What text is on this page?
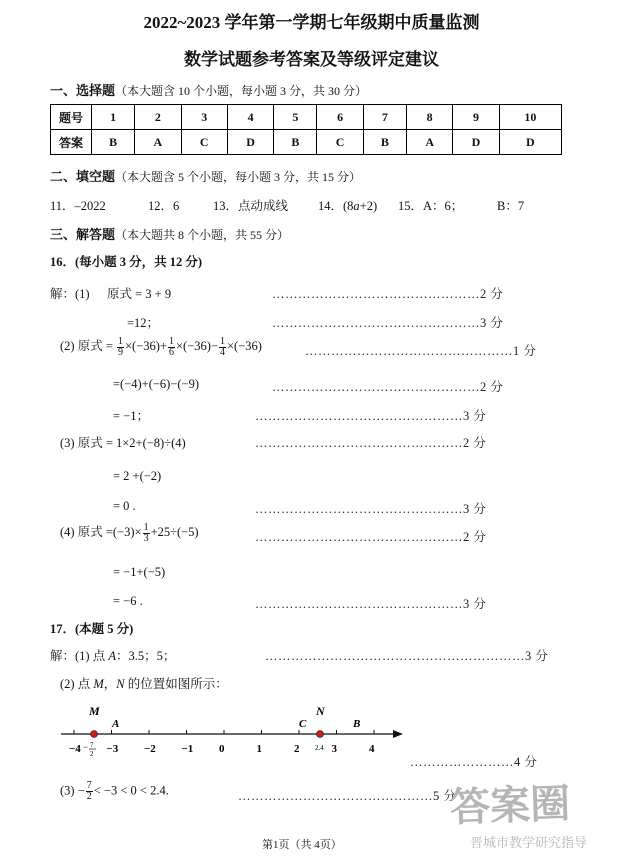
2022~2023 学年第一学期七年级期中质量监测
数学试题参考答案及等级评定建议
一、选择题（本大题含 10 个小题，每小题 3 分，共 30 分）
题号	1	2	3	4	5	6	7	8	9	10
答案	B	A	C	D	B	C	B	A	D	D
二、填空题（本大题含 5 个小题，每小题 3 分，共 15 分）
11．–2022	12．6	13．点动成线 14．(8a+2) 15．A：6；	B：7
三、解答题（本大题共 8 个小题，共 55 分）
16．(每小题 3 分，共 12 分)
解：(1) 原式 = 3 + 9	…………………………………………2 分
=12；	…………………………………………3 分
(2) 原式 = $\frac{1}{9} \times(-36)+ \frac{1}{6} \times(-36)- \frac{1}{4} \times(-36)$	…………………………………………1 分
=(−4)+(−6)−(−9)	…………………………………………2 分
= −1；	…………………………………………3 分
(3) 原式 = 1×2+(−8)÷(4)	…………………………………………2 分
= 2 +(−2)
= 0 .	…………………………………………3 分
(4) 原式 $=(-3)\times \frac{1}{3} +25\div(-5)$	…………………………………………2 分
= −1+(−5)
= −6 .	…………………………………………3 分
17．(本题 5 分)
解：(1) 点 A：3.5；5；	……………………………………………………3 分
(2) 点 M，N 的位置如图所示：
−4 −3 −2 −1 0	1	2	3	4
M
A	C
N
B
− 7
2
2.4
……………………4 分
$(3) - \frac{7}{2} < -3 < 0 < 2.4$.	………………………………………5 分
第1页（共 4页）
答案圈
晋城市教学研究指导
